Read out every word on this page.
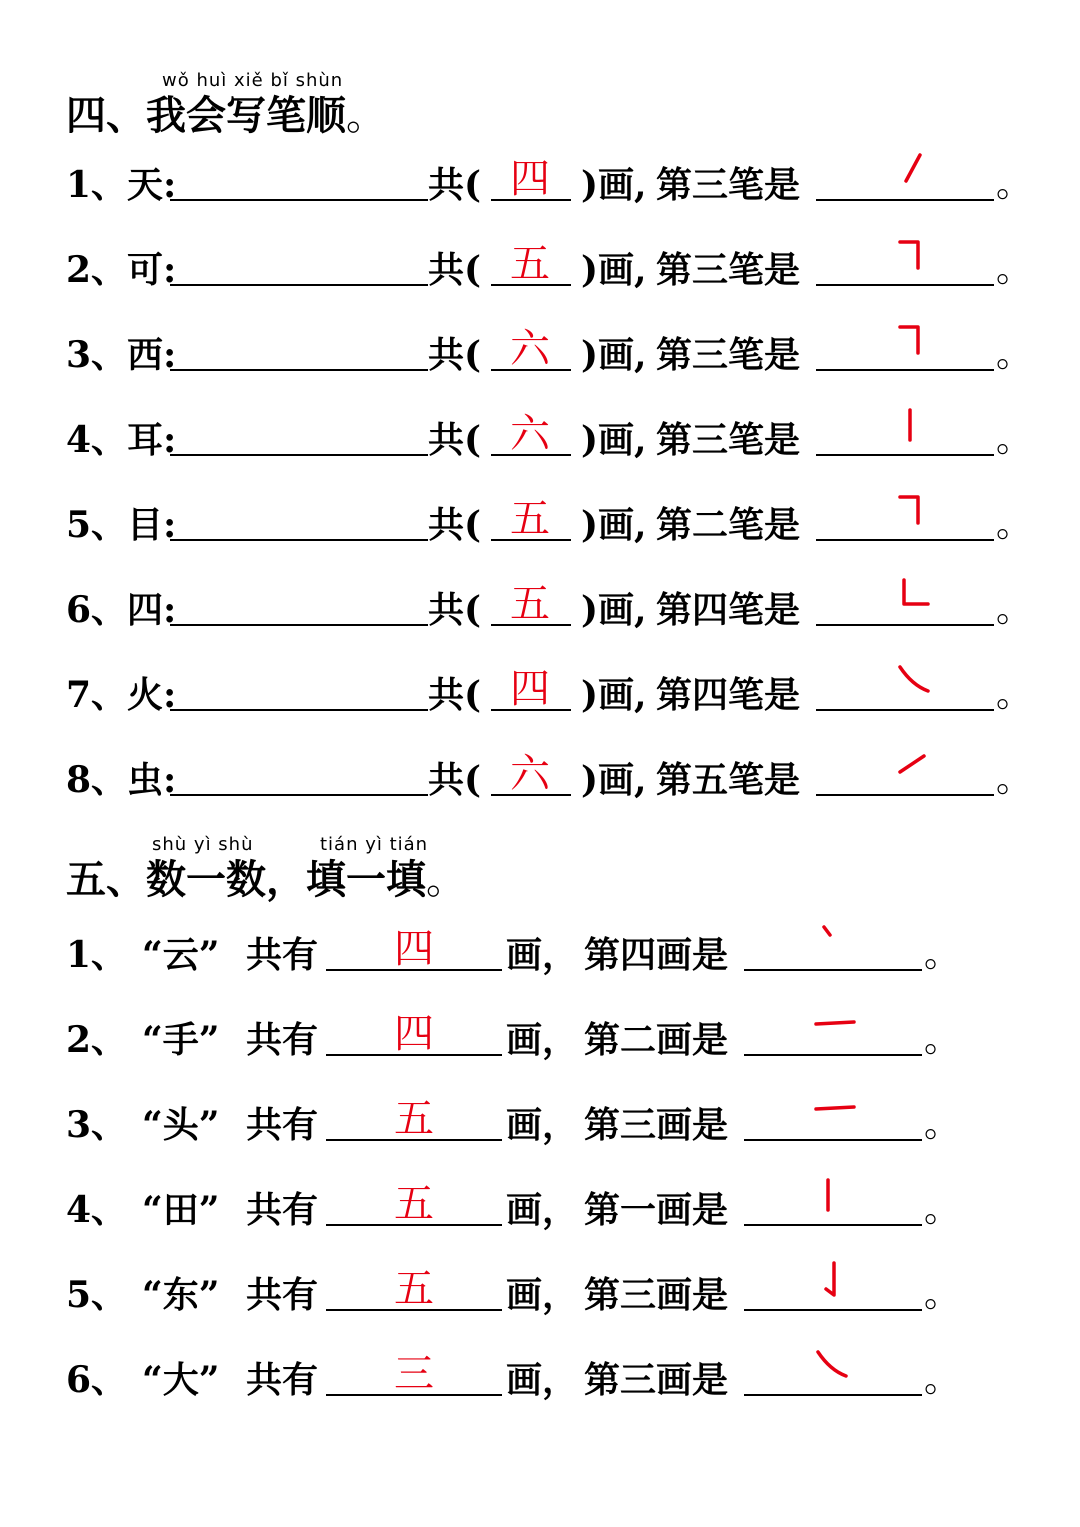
wǒ huì xiě bǐ shùn
四、我会写笔顺。
1、天:	共( 四 )画, 第三笔是	。
2、可:	共( 五 )画, 第三笔是	。
3、西:	共( 六 )画, 第三笔是	。
4、耳:	共( 六 )画, 第三笔是	。
5、目:	共( 五 )画, 第二笔是	。
6、四:	共( 五 )画, 第四笔是	。
7、火:	共( 四 )画, 第四笔是	。
8、虫:	共( 六 )画, 第五笔是	。
shù yì shù	tián yì tián
五、数一数，填一填。
1、 “云” 共有 四 画， 第四画是	。
2、 “手” 共有 四 画， 第二画是	。
3、 “头” 共有 五 画， 第三画是	。
4、 “田” 共有 五 画， 第一画是	。
5、 “东” 共有 五 画， 第三画是	。
6、 “大” 共有 三 画， 第三画是	。
